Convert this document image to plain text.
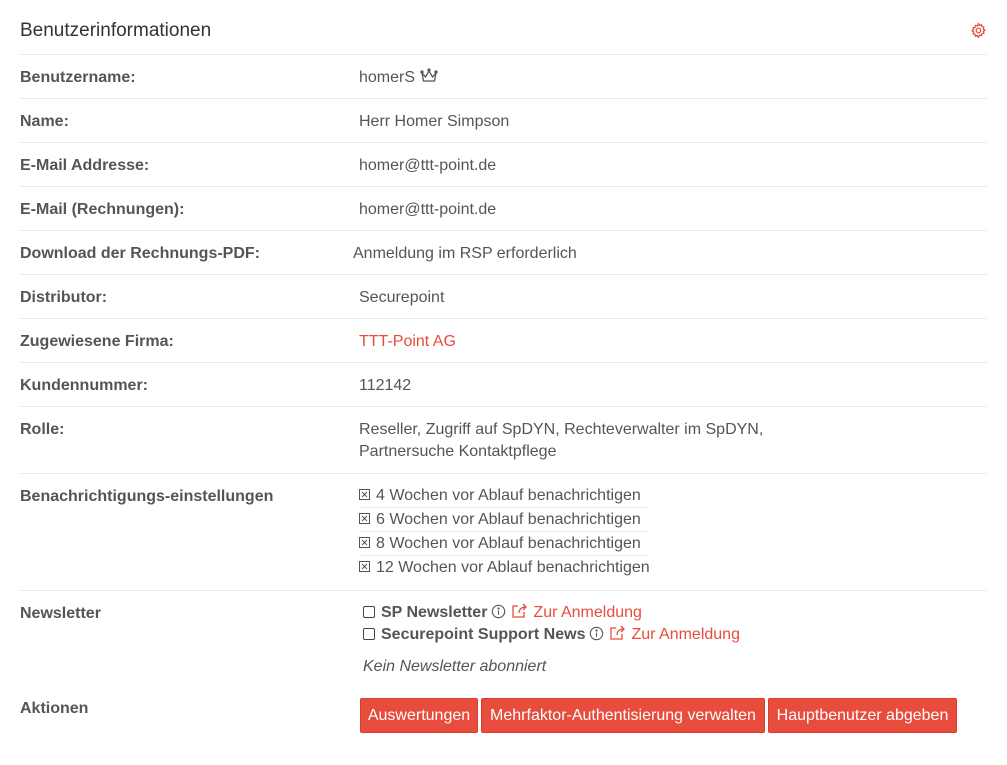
Benutzerinformationen
Benutzername:	homerS
Name:	Herr Homer Simpson
E-Mail Addresse:	homer@ttt-point.de
E-Mail (Rechnungen):	homer@ttt-point.de
Download der Rechnungs-PDF:	Anmeldung im RSP erforderlich
Distributor:	Securepoint
Zugewiesene Firma:	TTT-Point AG
Kundennummer:	112142
Rolle:	Reseller, Zugriff auf SpDYN, Rechteverwalter im SpDYN,
Partnersuche Kontaktpflege
Benachrichtigungs-einstellungen	4 Wochen vor Ablauf benachrichtigen
6 Wochen vor Ablauf benachrichtigen
8 Wochen vor Ablauf benachrichtigen
12 Wochen vor Ablauf benachrichtigen
Newsletter	SP Newsletter	Zur Anmeldung
Securepoint Support News	Zur Anmeldung
Kein Newsletter abonniert
Aktionen	Auswertungen	Mehrfaktor-Authentisierung verwalten	Hauptbenutzer abgeben
